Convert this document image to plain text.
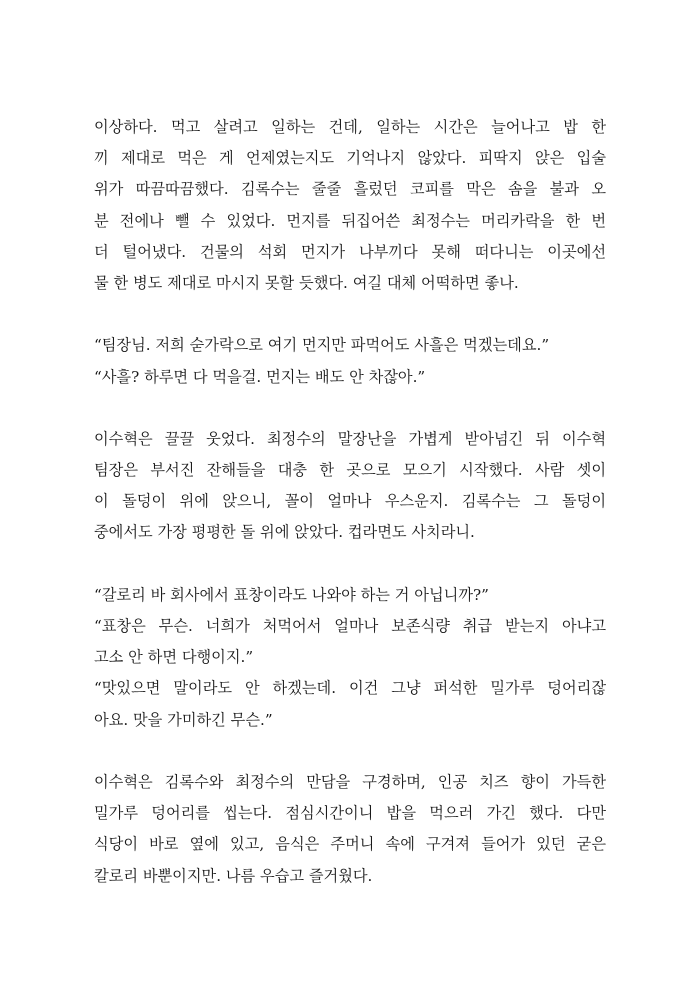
이상하다. 먹고 살려고 일하는 건데, 일하는 시간은 늘어나고 밥 한
끼 제대로 먹은 게 언제였는지도 기억나지 않았다. 피딱지 앉은 입술
위가 따끔따끔했다. 김록수는 줄줄 흘렀던 코피를 막은 솜을 불과 오
분 전에나 뺄 수 있었다. 먼지를 뒤집어쓴 최정수는 머리카락을 한 번
더 털어냈다. 건물의 석회 먼지가 나부끼다 못해 떠다니는 이곳에선
물 한 병도 제대로 마시지 못할 듯했다. 여길 대체 어떡하면 좋나.
“팀장님. 저희 숟가락으로 여기 먼지만 파먹어도 사흘은 먹겠는데요.”
“사흘? 하루면 다 먹을걸. 먼지는 배도 안 차잖아.”
이수혁은 끌끌 웃었다. 최정수의 말장난을 가볍게 받아넘긴 뒤 이수혁
팀장은 부서진 잔해들을 대충 한 곳으로 모으기 시작했다. 사람 셋이
이 돌덩이 위에 앉으니, 꼴이 얼마나 우스운지. 김록수는 그 돌덩이
중에서도 가장 평평한 돌 위에 앉았다. 컵라면도 사치라니.
“갈로리 바 회사에서 표창이라도 나와야 하는 거 아닙니까?”
“표창은 무슨. 너희가 처먹어서 얼마나 보존식량 취급 받는지 아냐고
고소 안 하면 다행이지.”
“맛있으면 말이라도 안 하겠는데. 이건 그냥 퍼석한 밀가루 덩어리잖
아요. 맛을 가미하긴 무슨.”
이수혁은 김록수와 최정수의 만담을 구경하며, 인공 치즈 향이 가득한
밀가루 덩어리를 씹는다. 점심시간이니 밥을 먹으러 가긴 했다. 다만
식당이 바로 옆에 있고, 음식은 주머니 속에 구겨져 들어가 있던 굳은
칼로리 바뿐이지만. 나름 우습고 즐거웠다.
